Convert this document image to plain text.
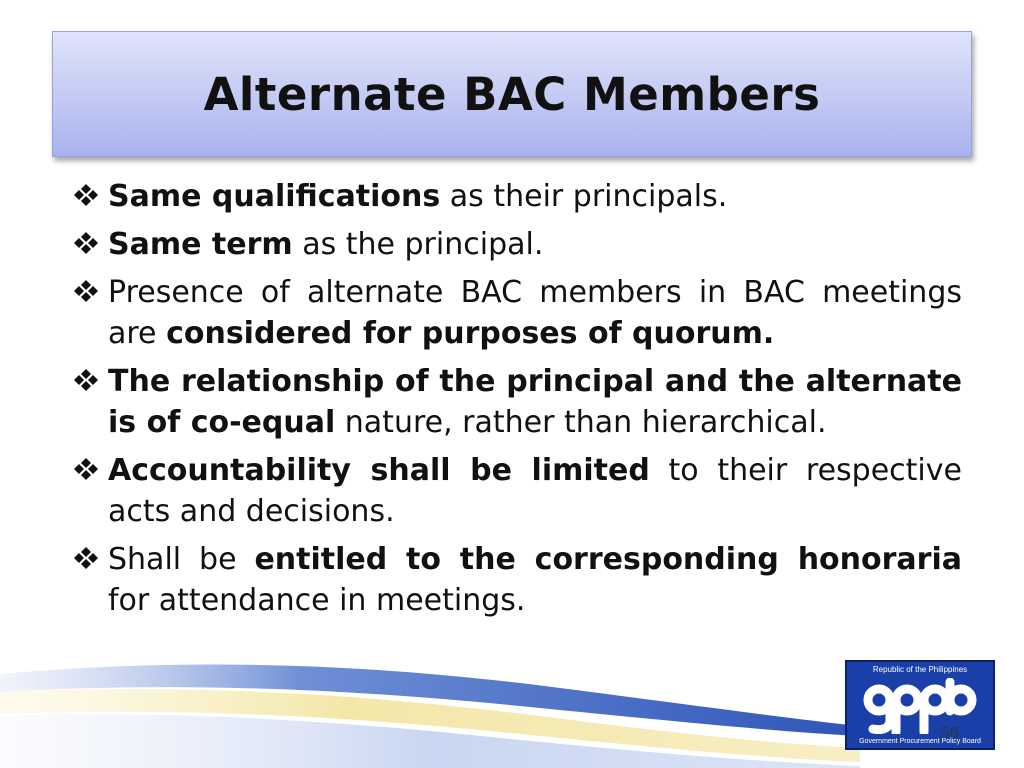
Alternate BAC Members
Same qualifications as their principals.
Same term as the principal.
Presence of alternate BAC members in BAC meetings are considered for purposes of quorum.
The relationship of the principal and the alternate is of co-equal nature, rather than hierarchical.
Accountability shall be limited to their respective acts and decisions.
Shall be entitled to the corresponding honoraria for attendance in meetings.
Republic of the Philippines
Government Procurement Policy Board
56
